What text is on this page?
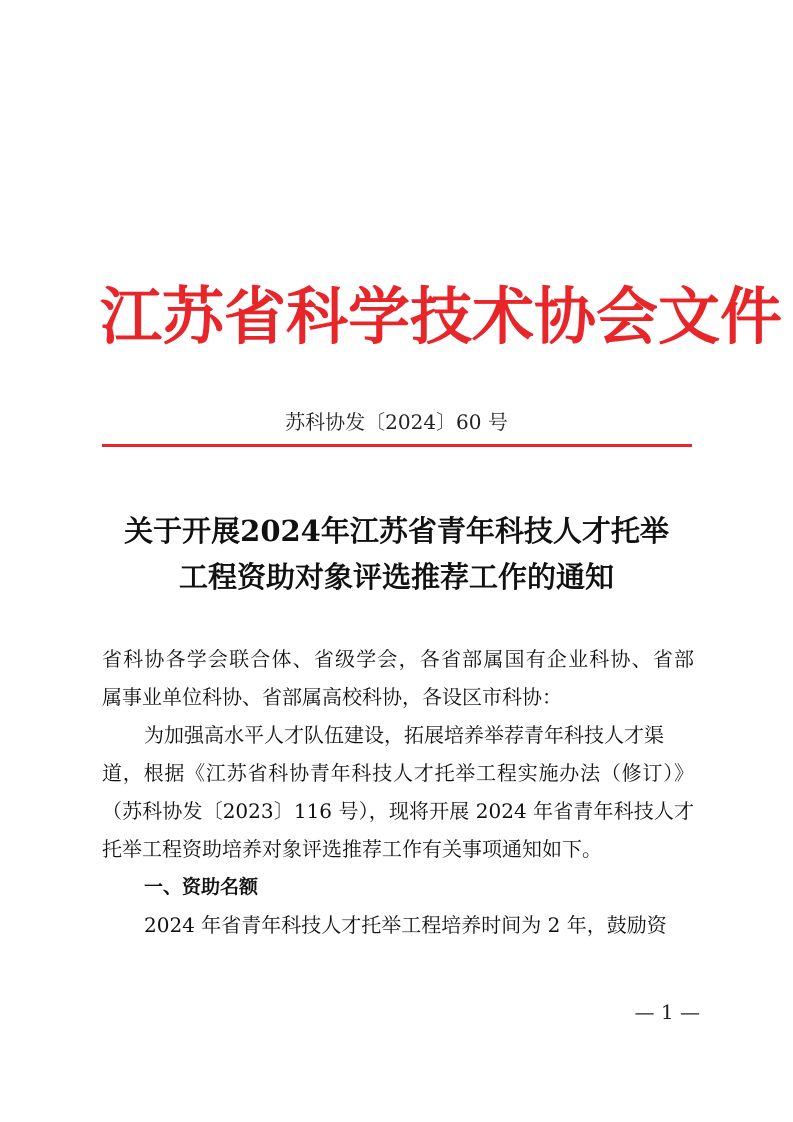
江苏省科学技术协会文件
苏科协发〔2024〕60 号
关于开展2024年江苏省青年科技人才托举
工程资助对象评选推荐工作的通知
省科协各学会联合体、省级学会，各省部属国有企业科协、省部
属事业单位科协、省部属高校科协，各设区市科协：
为加强高水平人才队伍建设，拓展培养举荐青年科技人才渠
道，根据《江苏省科协青年科技人才托举工程实施办法（修订）》
（苏科协发〔2023〕116 号），现将开展 2024 年省青年科技人才
托举工程资助培养对象评选推荐工作有关事项通知如下。
一、资助名额
2024 年省青年科技人才托举工程培养时间为 2 年，鼓励资
— 1 —
